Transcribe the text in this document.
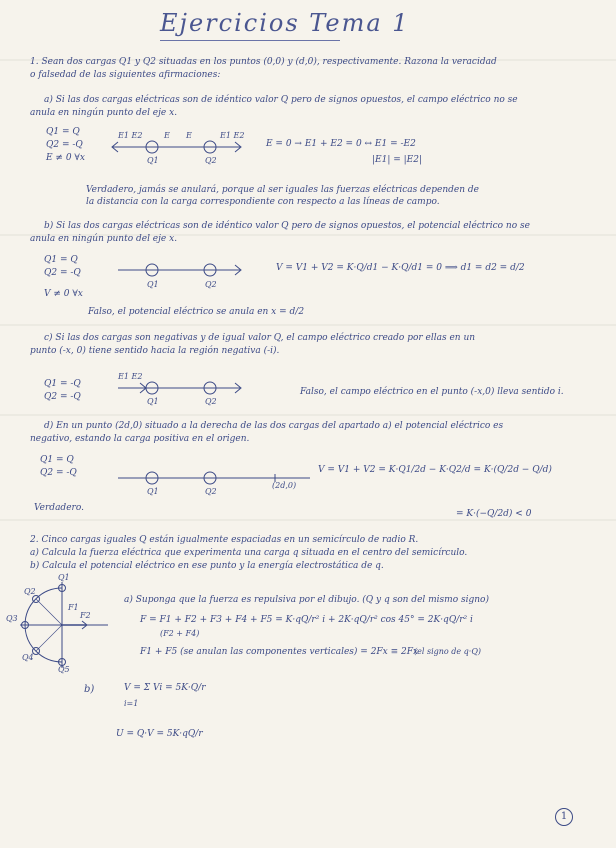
Ejercicios Tema 1
1. Sean dos cargas Q1 y Q2 situadas en los puntos (0,0) y (d,0), respectivamente. Razona la veracidad
o falsedad de las siguientes afirmaciones:
a) Si las dos cargas eléctricas son de idéntico valor Q pero de signos opuestos, el campo eléctrico no se
anula en ningún punto del eje x.
Q1 = Q
Q2 = -Q
E ≠ 0 ∀x
E1 E2	E E	E1 E2
Q1	Q2
E = 0 → E1 + E2 = 0 ↔ E1 = -E2
|E1| = |E2|
Verdadero, jamás se anulará, porque al ser iguales las fuerzas eléctricas dependen de
la distancia con la carga correspondiente con respecto a las líneas de campo.
b) Si las dos cargas eléctricas son de idéntico valor Q pero de signos opuestos, el potencial eléctrico no se
anula en ningún punto del eje x.
Q1 = Q
Q2 = -Q
V ≠ 0 ∀x
Q1	Q2
V = V1 + V2 = K·Q/d1 − K·Q/d1 = 0 ⟹ d1 = d2 = d/2
Falso, el potencial eléctrico se anula en x = d/2
c) Si las dos cargas son negativas y de igual valor Q, el campo eléctrico creado por ellas en un
punto (-x, 0) tiene sentido hacia la región negativa (-i).
Q1 = -Q
Q2 = -Q
E1 E2
Q1	Q2
Falso, el campo eléctrico en el punto (-x,0) lleva sentido i.
d) En un punto (2d,0) situado a la derecha de las dos cargas del apartado a) el potencial eléctrico es
negativo, estando la carga positiva en el origen.
Q1 = Q
Q2 = -Q
Q1	Q2
(2d,0)
V = V1 + V2 = K·Q1/2d − K·Q2/d = K·(Q/2d − Q/d)
= K·(−Q/2d) < 0
Verdadero.
2. Cinco cargas iguales Q están igualmente espaciadas en un semicírculo de radio R.
a) Calcula la fuerza eléctrica que experimenta una carga q situada en el centro del semicírculo.
b) Calcula el potencial eléctrico en ese punto y la energía electrostática de q.
Q1
Q2
Q3
Q4
Q5
F1
F2
a) Suponga que la fuerza es repulsiva por el dibujo. (Q y q son del mismo signo)
F = F1 + F2 + F3 + F4 + F5 = K·qQ/r² i + 2K·qQ/r² cos 45° = 2K·qQ/r² i
(F2 + F4)
F1 + F5 (se anulan las componentes verticales) = 2Fx ≡ 2Fx
(el signo de q·Q)
b)	V = Σ Vi = 5K·Q/r
i=1
U = Q·V = 5K·qQ/r
1
